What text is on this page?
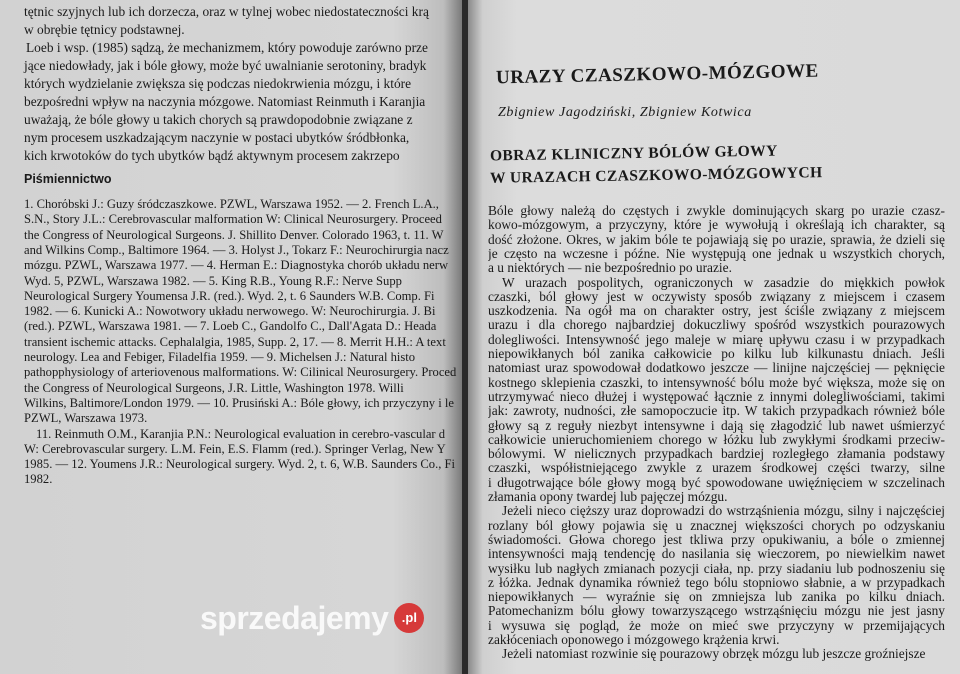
tętnic szyjnych lub ich dorzecza, oraz w tylnej wobec niedostateczności krą
w obrębie tętnicy podstawnej.
Loeb i wsp. (1985) sądzą, że mechanizmem, który powoduje zarówno prze
jące niedowłady, jak i bóle głowy, może być uwalnianie serotoniny, bradyk
których wydzielanie zwiększa się podczas niedokrwienia mózgu, i które
bezpośredni wpływ na naczynia mózgowe. Natomiast Reinmuth i Karanjia
uważają, że bóle głowy u takich chorych są prawdopodobnie związane z
nym procesem uszkadzającym naczynie w postaci ubytków śródbłonka,
kich krwotoków do tych ubytków bądź aktywnym procesem zakrzepo
Piśmiennictwo
1. Chorόbski J.: Guzy śródczaszkowe. PZWL, Warszawa 1952. — 2. French L.A.,
S.N., Story J.L.: Cerebrovascular malformation W: Clinical Neurosurgery. Proceed
the Congress of Neurological Surgeons. J. Shillito Denver. Colorado 1963, t. 11. W
and Wilkins Comp., Baltimore 1964. — 3. Holyst J., Tokarz F.: Neurochirurgia nacz
mózgu. PZWL, Warszawa 1977. — 4. Herman E.: Diagnostyka chorób układu nerw
Wyd. 5, PZWL, Warszawa 1982. — 5. King R.B., Young R.F.: Nerve Supp
Neurological Surgery Youmensa J.R. (red.). Wyd. 2, t. 6 Saunders W.B. Comp. Fi
1982. — 6. Kunicki A.: Nowotwory układu nerwowego. W: Neurochirurgia. J. Bi
(red.). PZWL, Warszawa 1981. — 7. Loeb C., Gandolfo C., Dall'Agata D.: Heada
transient ischemic attacks. Cephalalgia, 1985, Supp. 2, 17. — 8. Merrit H.H.: A text
neurology. Lea and Febiger, Filadelfia 1959. — 9. Michelsen J.: Natural histo
pathopphysiology of arteriovenous malformations. W: Cilinical Neurosurgery. Proced
the Congress of Neurological Surgeons, J.R. Little, Washington 1978. Willi
Wilkins, Baltimore/London 1979. — 10. Prusiński A.: Bóle głowy, ich przyczyny i le
PZWL, Warszawa 1973.
11. Reinmuth O.M., Karanjia P.N.: Neurological evaluation in cerebro-vascular d
W: Cerebrovascular surgery. L.M. Fein, E.S. Flamm (red.). Springer Verlag, New Y
1985. — 12. Youmens J.R.: Neurological surgery. Wyd. 2, t. 6, W.B. Saunders Co., Fi
1982.
sprzedajemy	.pl
URAZY CZASZKOWO-MÓZGOWE
Zbigniew Jagodziński, Zbigniew Kotwica
OBRAZ KLINICZNY BÓLÓW GŁOWY
W URAZACH CZASZKOWO-MÓZGOWYCH
Bóle głowy należą do częstych i zwykle dominujących skarg po urazie czasz-
kowo-mózgowym, a przyczyny, które je wywołują i określają ich charakter, są
dość złożone. Okres, w jakim bóle te pojawiają się po urazie, sprawia, że dzieli się
je często na wczesne i późne. Nie występują one jednak u wszystkich chorych,
a u niektórych — nie bezpośrednio po urazie.
W urazach pospolitych, ograniczonych w zasadzie do miękkich powłok
czaszki, ból głowy jest w oczywisty sposób związany z miejscem i czasem
uszkodzenia. Na ogół ma on charakter ostry, jest ściśle związany z miejscem
urazu i dla chorego najbardziej dokuczliwy spośród wszystkich pourazowych
dolegliwości. Intensywność jego maleje w miarę upływu czasu i w przypadkach
niepowikłanych ból zanika całkowicie po kilku lub kilkunastu dniach. Jeśli
natomiast uraz spowodował dodatkowo jeszcze — linijne najczęściej — pęknięcie
kostnego sklepienia czaszki, to intensywność bólu może być większa, może się on
utrzymywać nieco dłużej i występować łącznie z innymi dolegliwościami, takimi
jak: zawroty, nudności, złe samopoczucie itp. W takich przypadkach również bóle
głowy są z reguły niezbyt intensywne i dają się złagodzić lub nawet uśmierzyć
całkowicie unieruchomieniem chorego w łóżku lub zwykłymi środkami przeciw-
bólowymi. W nielicznych przypadkach bardziej rozległego złamania podstawy
czaszki, współistniejącego zwykle z urazem środkowej części twarzy, silne
i długotrwające bóle głowy mogą być spowodowane uwięźnięciem w szczelinach
złamania opony twardej lub pajęczej mózgu.
Jeżeli nieco cięższy uraz doprowadzi do wstrząśnienia mózgu, silny i najczęściej
rozlany ból głowy pojawia się u znacznej większości chorych po odzyskaniu
świadomości. Głowa chorego jest tkliwa przy opukiwaniu, a bóle o zmiennej
intensywności mają tendencję do nasilania się wieczorem, po niewielkim nawet
wysiłku lub nagłych zmianach pozycji ciała, np. przy siadaniu lub podnoszeniu się
z łóżka. Jednak dynamika również tego bólu stopniowo słabnie, a w przypadkach
niepowikłanych — wyraźnie się on zmniejsza lub zanika po kilku dniach.
Patomechanizm bólu głowy towarzyszącego wstrząśnięciu mózgu nie jest jasny
i wysuwa się pogląd, że może on mieć swe przyczyny w przemijających
zakłóceniach oponowego i mózgowego krążenia krwi.
Jeżeli natomiast rozwinie się pourazowy obrzęk mózgu lub jeszcze groźniejsze
